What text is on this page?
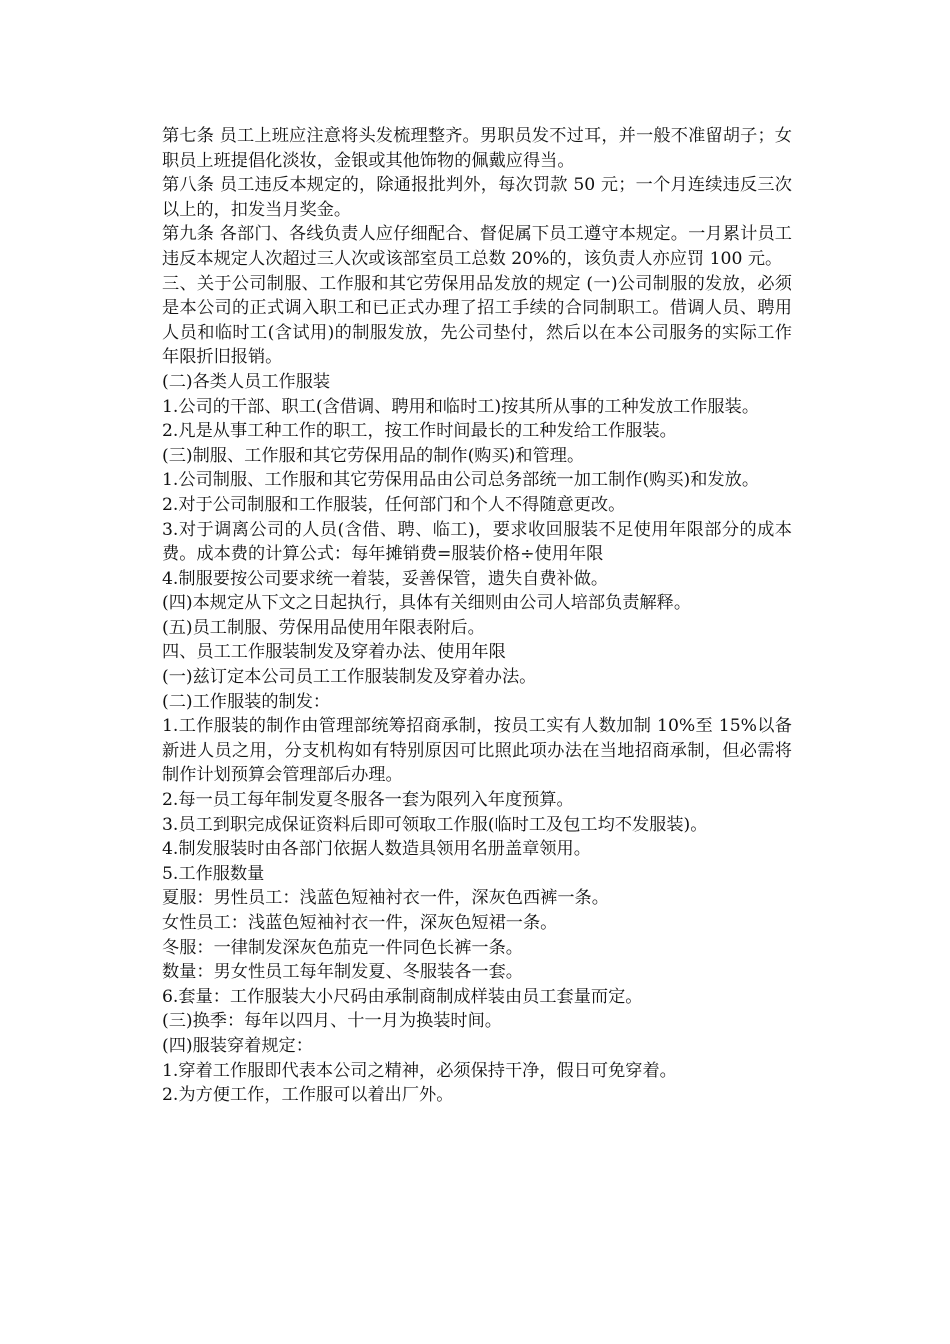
第七条 员工上班应注意将头发梳理整齐。男职员发不过耳，并一般不准留胡子；女职员上班提倡化淡妆，金银或其他饰物的佩戴应得当。

第八条 员工违反本规定的，除通报批判外，每次罚款 50 元；一个月连续违反三次以上的，扣发当月奖金。

第九条 各部门、各线负责人应仔细配合、督促属下员工遵守本规定。一月累计员工违反本规定人次超过三人次或该部室员工总数 20%的，该负责人亦应罚 100 元。

三、关于公司制服、工作服和其它劳保用品发放的规定 (一)公司制服的发放，必须是本公司的正式调入职工和已正式办理了招工手续的合同制职工。借调人员、聘用人员和临时工(含试用)的制服发放，先公司垫付，然后以在本公司服务的实际工作年限折旧报销。

(二)各类人员工作服装

1.公司的干部、职工(含借调、聘用和临时工)按其所从事的工种发放工作服装。

2.凡是从事工种工作的职工，按工作时间最长的工种发给工作服装。

(三)制服、工作服和其它劳保用品的制作(购买)和管理。

1.公司制服、工作服和其它劳保用品由公司总务部统一加工制作(购买)和发放。

2.对于公司制服和工作服装，任何部门和个人不得随意更改。

3.对于调离公司的人员(含借、聘、临工)，要求收回服装不足使用年限部分的成本费。成本费的计算公式：每年摊销费=服装价格÷使用年限

4.制服要按公司要求统一着装，妥善保管，遗失自费补做。

(四)本规定从下文之日起执行，具体有关细则由公司人培部负责解释。

(五)员工制服、劳保用品使用年限表附后。

四、员工工作服装制发及穿着办法、使用年限

(一)兹订定本公司员工工作服装制发及穿着办法。

(二)工作服装的制发：

1.工作服装的制作由管理部统筹招商承制，按员工实有人数加制 10%至 15%以备新进人员之用，分支机构如有特别原因可比照此项办法在当地招商承制，但必需将制作计划预算会管理部后办理。

2.每一员工每年制发夏冬服各一套为限列入年度预算。

3.员工到职完成保证资料后即可领取工作服(临时工及包工均不发服装)。

4.制发服装时由各部门依据人数造具领用名册盖章领用。

5.工作服数量

夏服：男性员工：浅蓝色短袖衬衣一件，深灰色西裤一条。

女性员工：浅蓝色短袖衬衣一件，深灰色短裙一条。

冬服：一律制发深灰色茄克一件同色长裤一条。

数量：男女性员工每年制发夏、冬服装各一套。

6.套量：工作服装大小尺码由承制商制成样装由员工套量而定。

(三)换季：每年以四月、十一月为换装时间。

(四)服装穿着规定：

1.穿着工作服即代表本公司之精神，必须保持干净，假日可免穿着。

2.为方便工作，工作服可以着出厂外。
